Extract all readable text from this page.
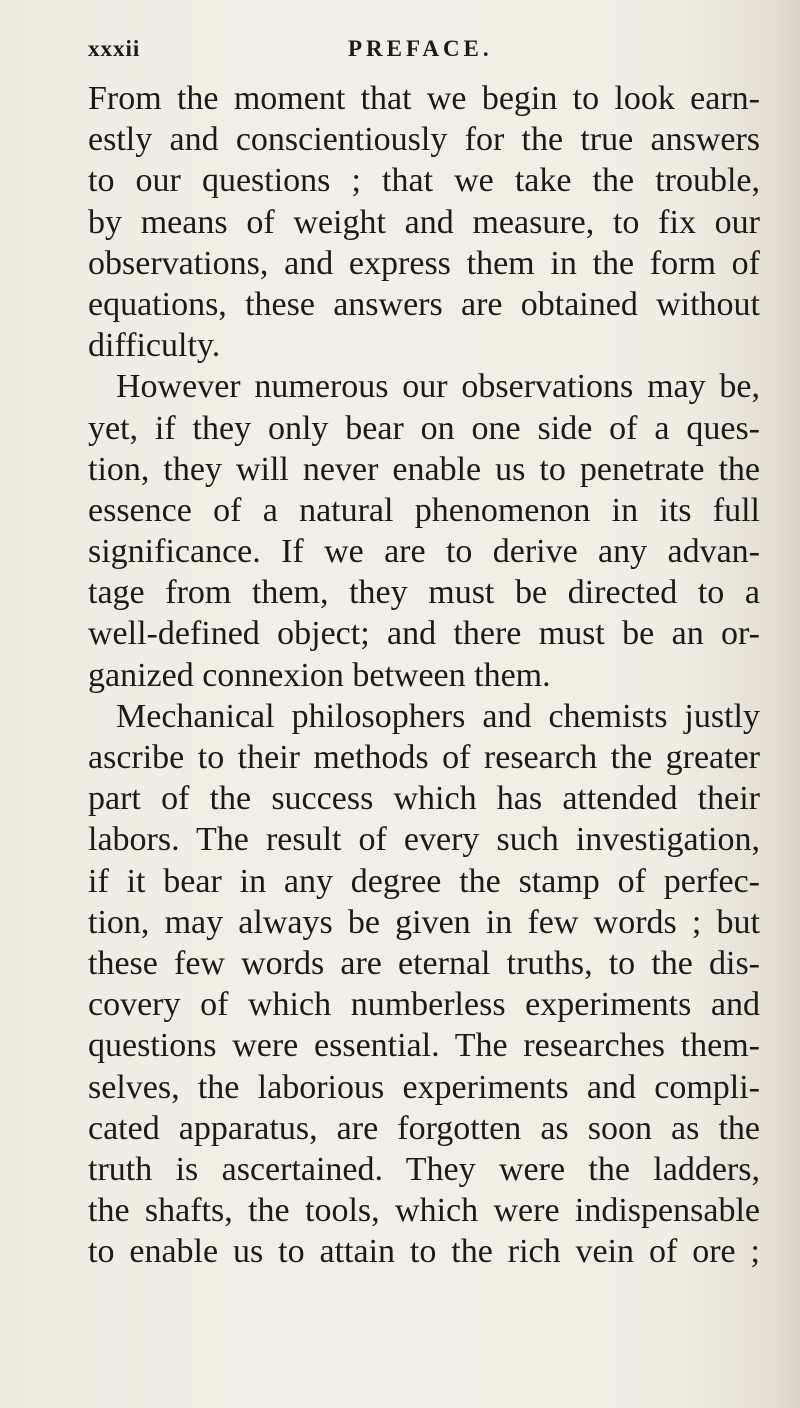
xxxii	PREFACE.
From the moment that we begin to look earn-
estly and conscientiously for the true answers
to our questions ; that we take the trouble,
by means of weight and measure, to fix our
observations, and express them in the form of
equations, these answers are obtained without
difficulty.
However numerous our observations may be,
yet, if they only bear on one side of a ques-
tion, they will never enable us to penetrate the
essence of a natural phenomenon in its full
significance. If we are to derive any advan-
tage from them, they must be directed to a
well-defined object; and there must be an or-
ganized connexion between them.
Mechanical philosophers and chemists justly
ascribe to their methods of research the greater
part of the success which has attended their
labors. The result of every such investigation,
if it bear in any degree the stamp of perfec-
tion, may always be given in few words ; but
these few words are eternal truths, to the dis-
covery of which numberless experiments and
questions were essential. The researches them-
selves, the laborious experiments and compli-
cated apparatus, are forgotten as soon as the
truth is ascertained. They were the ladders,
the shafts, the tools, which were indispensable
to enable us to attain to the rich vein of ore ;
